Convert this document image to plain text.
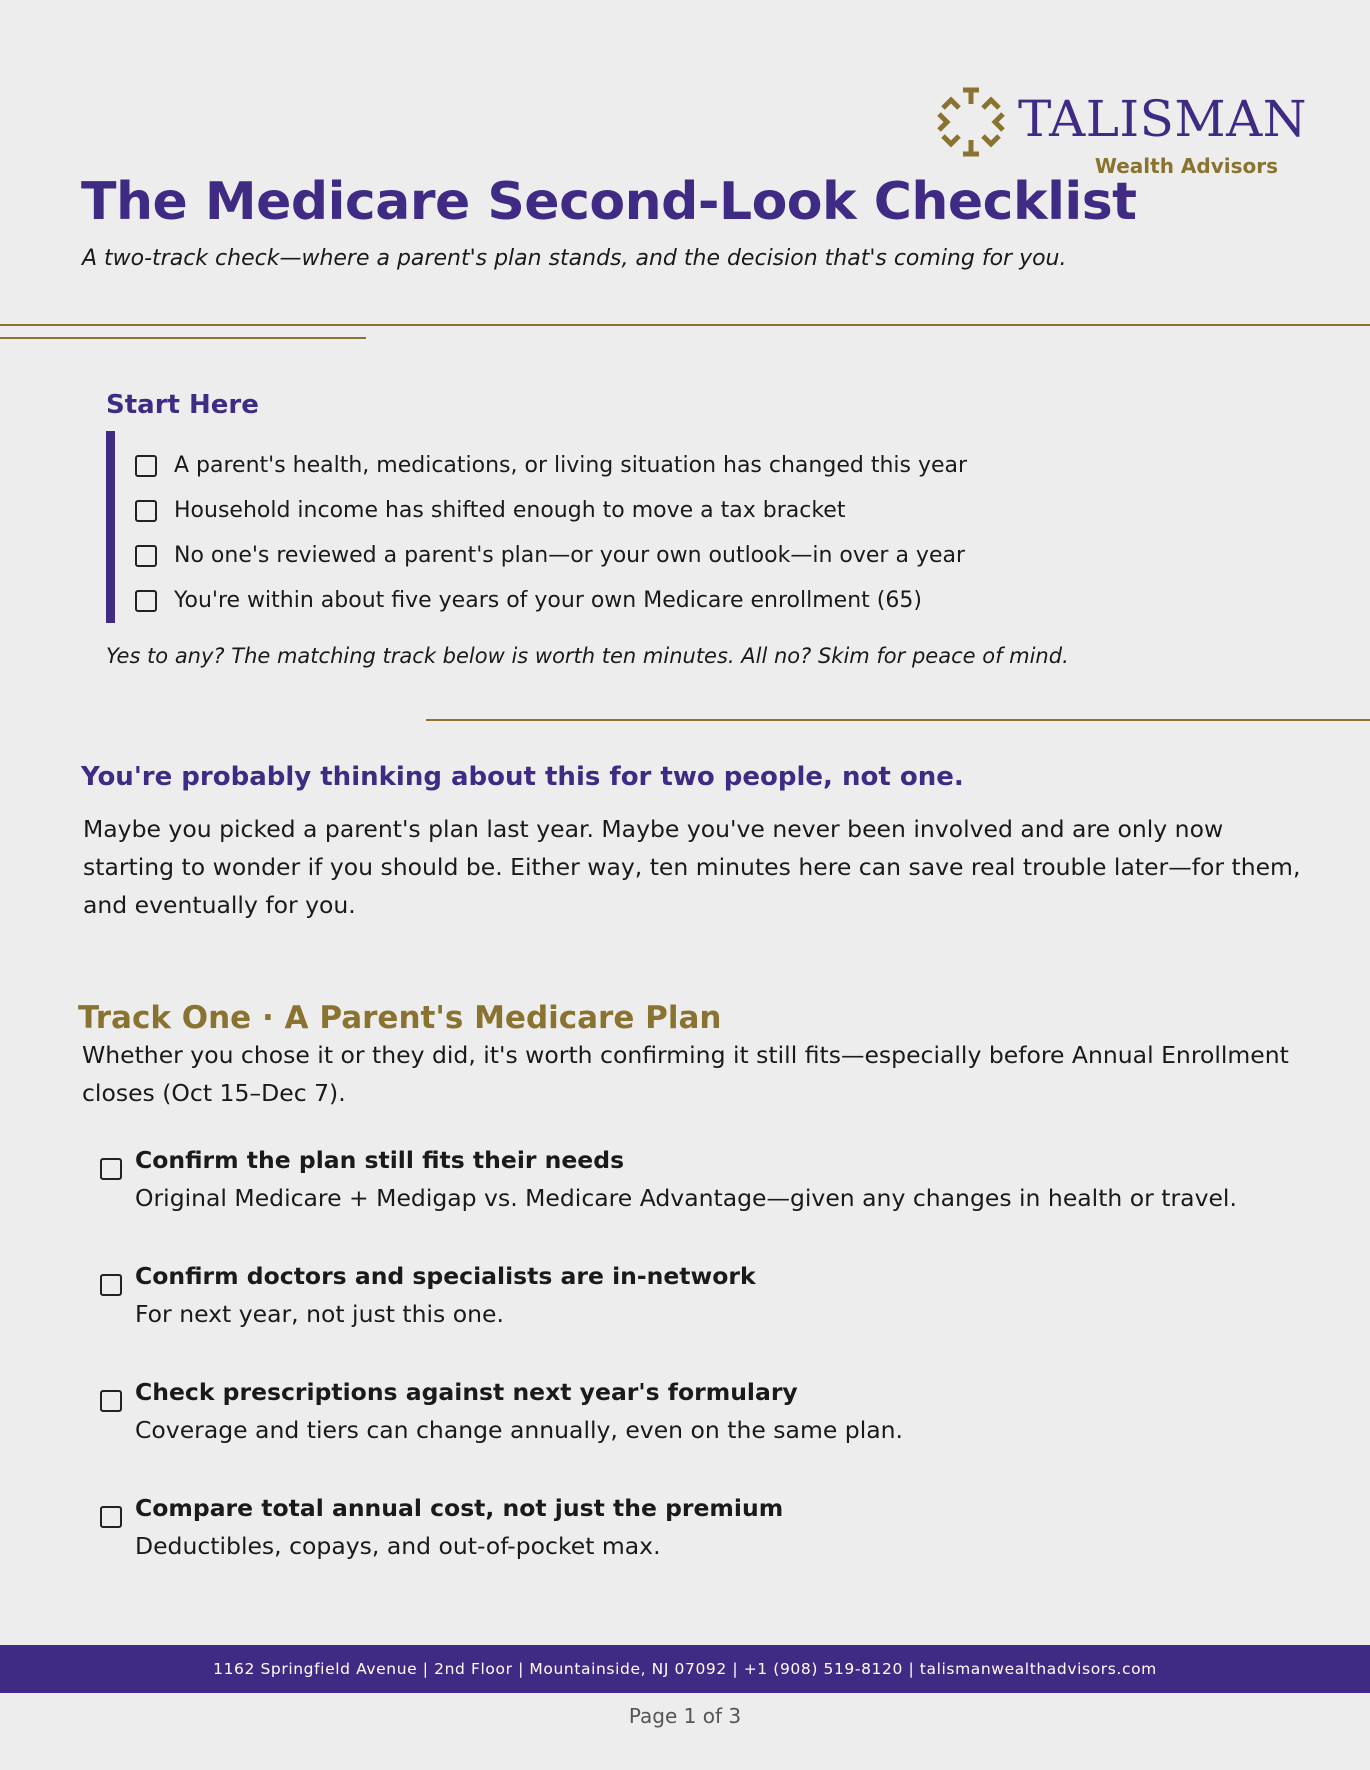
TALISMAN
Wealth Advisors
The Medicare Second-Look Checklist
A two-track check—where a parent's plan stands, and the decision that's coming for you.
Start Here
A parent's health, medications, or living situation has changed this year
Household income has shifted enough to move a tax bracket
No one's reviewed a parent's plan—or your own outlook—in over a year
You're within about five years of your own Medicare enrollment (65)
Yes to any? The matching track below is worth ten minutes. All no? Skim for peace of mind.
You're probably thinking about this for two people, not one.
Maybe you picked a parent's plan last year. Maybe you've never been involved and are only now starting to wonder if you should be. Either way, ten minutes here can save real trouble later—for them, and eventually for you.
Track One · A Parent's Medicare Plan
Whether you chose it or they did, it's worth confirming it still fits—especially before Annual Enrollment closes (Oct 15–Dec 7).
Confirm the plan still fits their needs
Original Medicare + Medigap vs. Medicare Advantage—given any changes in health or travel.
Confirm doctors and specialists are in-network
For next year, not just this one.
Check prescriptions against next year's formulary
Coverage and tiers can change annually, even on the same plan.
Compare total annual cost, not just the premium
Deductibles, copays, and out-of-pocket max.
1162 Springfield Avenue | 2nd Floor | Mountainside, NJ 07092 | +1 (908) 519-8120 | talismanwealthadvisors.com
Page 1 of 3
